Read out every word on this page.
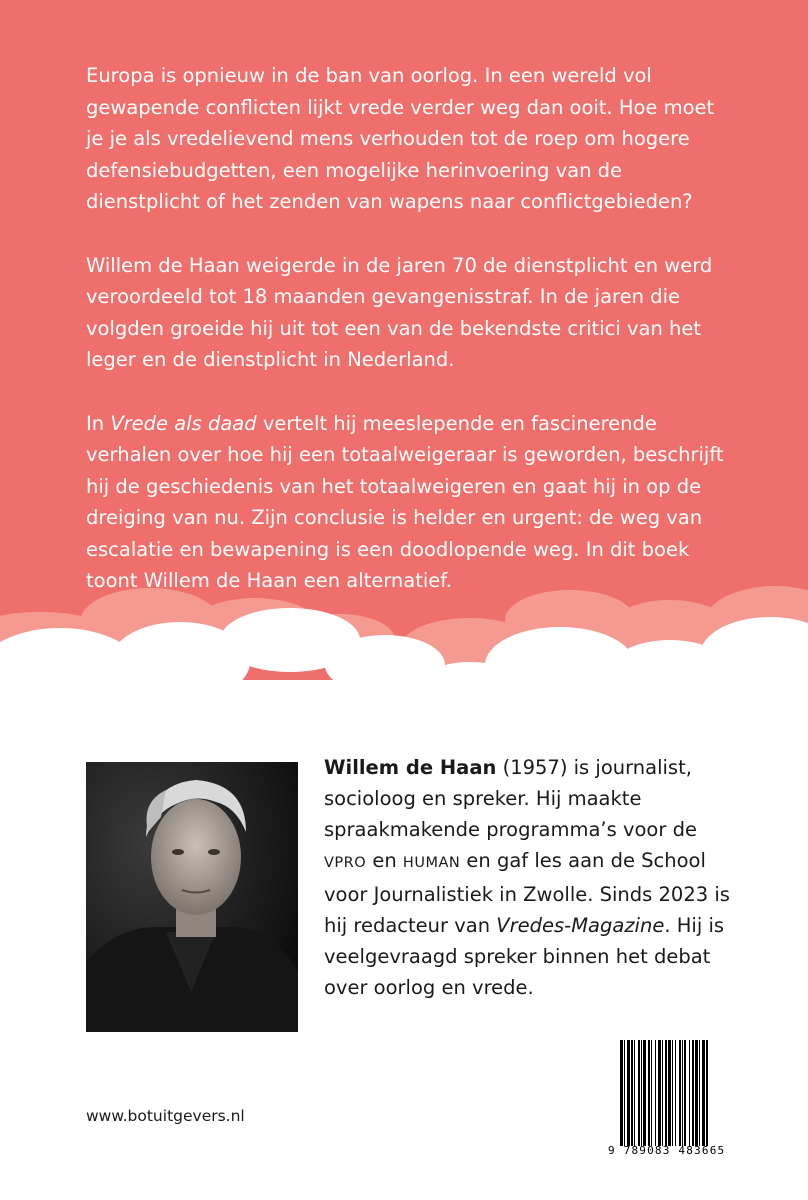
Europa is opnieuw in de ban van oorlog. In een wereld vol gewapende conflicten lijkt vrede verder weg dan ooit. Hoe moet je je als vredelievend mens verhouden tot de roep om hogere defensiebudgetten, een mogelijke herinvoering van de dienstplicht of het zenden van wapens naar conflictgebieden?

Willem de Haan weigerde in de jaren 70 de dienstplicht en werd veroordeeld tot 18 maanden gevangenisstraf. In de jaren die volgden groeide hij uit tot een van de bekendste critici van het leger en de dienstplicht in Nederland.

In Vrede als daad vertelt hij meeslepende en fascinerende verhalen over hoe hij een totaalweigeraar is geworden, beschrijft hij de geschiedenis van het totaalweigeren en gaat hij in op de dreiging van nu. Zijn conclusie is helder en urgent: de weg van escalatie en bewapening is een doodlopende weg. In dit boek toont Willem de Haan een alternatief.

Willem de Haan (1957) is journalist, socioloog en spreker. Hij maakte spraakmakende programma’s voor de VPRO en HUMAN en gaf les aan de School voor Journalistiek in Zwolle. Sinds 2023 is hij redacteur van Vredes-Magazine. Hij is veelgevraagd spreker binnen het debat over oorlog en vrede.
www.botuitgevers.nl
9 789083 483665
